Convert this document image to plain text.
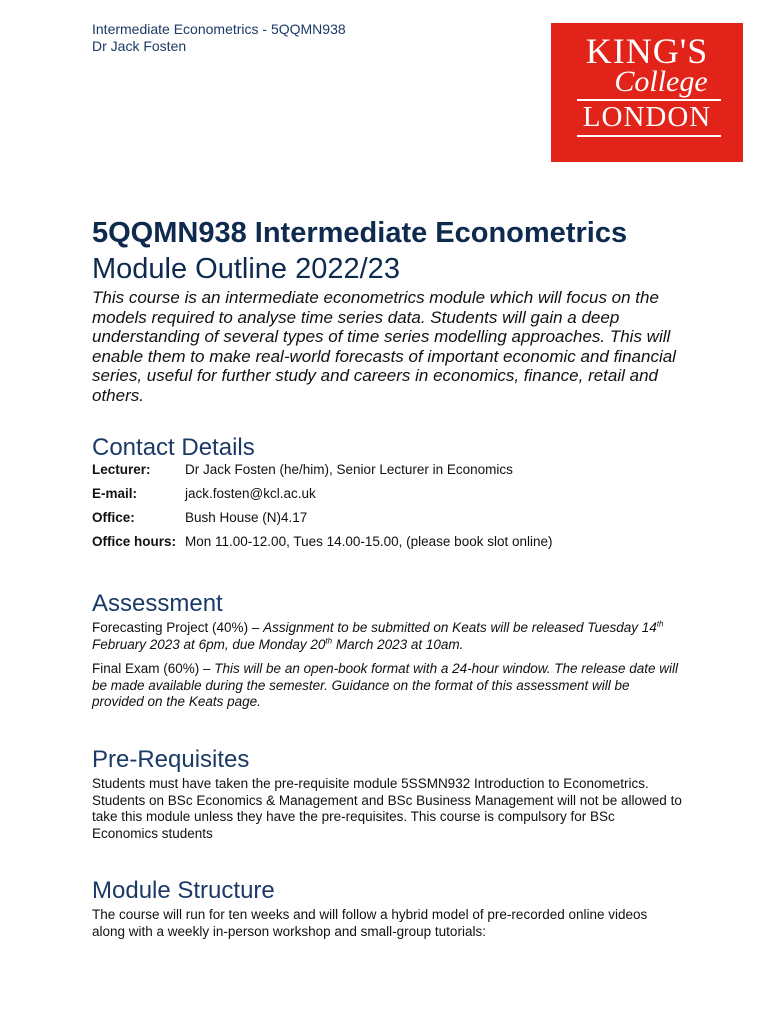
Intermediate Econometrics - 5QQMN938
Dr Jack Fosten	KING'S
College
LONDON
5QQMN938 Intermediate Econometrics
Module Outline 2022/23

This course is an intermediate econometrics module which will focus on the models required to analyse time series data. Students will gain a deep understanding of several types of time series modelling approaches. This will enable them to make real-world forecasts of important economic and financial series, useful for further study and careers in economics, finance, retail and others.

Contact Details
Lecturer:	Dr Jack Fosten (he/him), Senior Lecturer in Economics
E-mail:	jack.fosten@kcl.ac.uk
Office:	Bush House (N)4.17
Office hours: Mon 11.00-12.00, Tues 14.00-15.00, (please book slot online)
Assessment

Forecasting Project (40%) – Assignment to be submitted on Keats will be released Tuesday 14th February 2023 at 6pm, due Monday 20th March 2023 at 10am.

Final Exam (60%) – This will be an open-book format with a 24-hour window. The release date will be made available during the semester. Guidance on the format of this assessment will be provided on the Keats page.

Pre-Requisites

Students must have taken the pre-requisite module 5SSMN932 Introduction to Econometrics. Students on BSc Economics & Management and BSc Business Management will not be allowed to take this module unless they have the pre-requisites. This course is compulsory for BSc Economics students

Module Structure

The course will run for ten weeks and will follow a hybrid model of pre-recorded online videos along with a weekly in-person workshop and small-group tutorials:
